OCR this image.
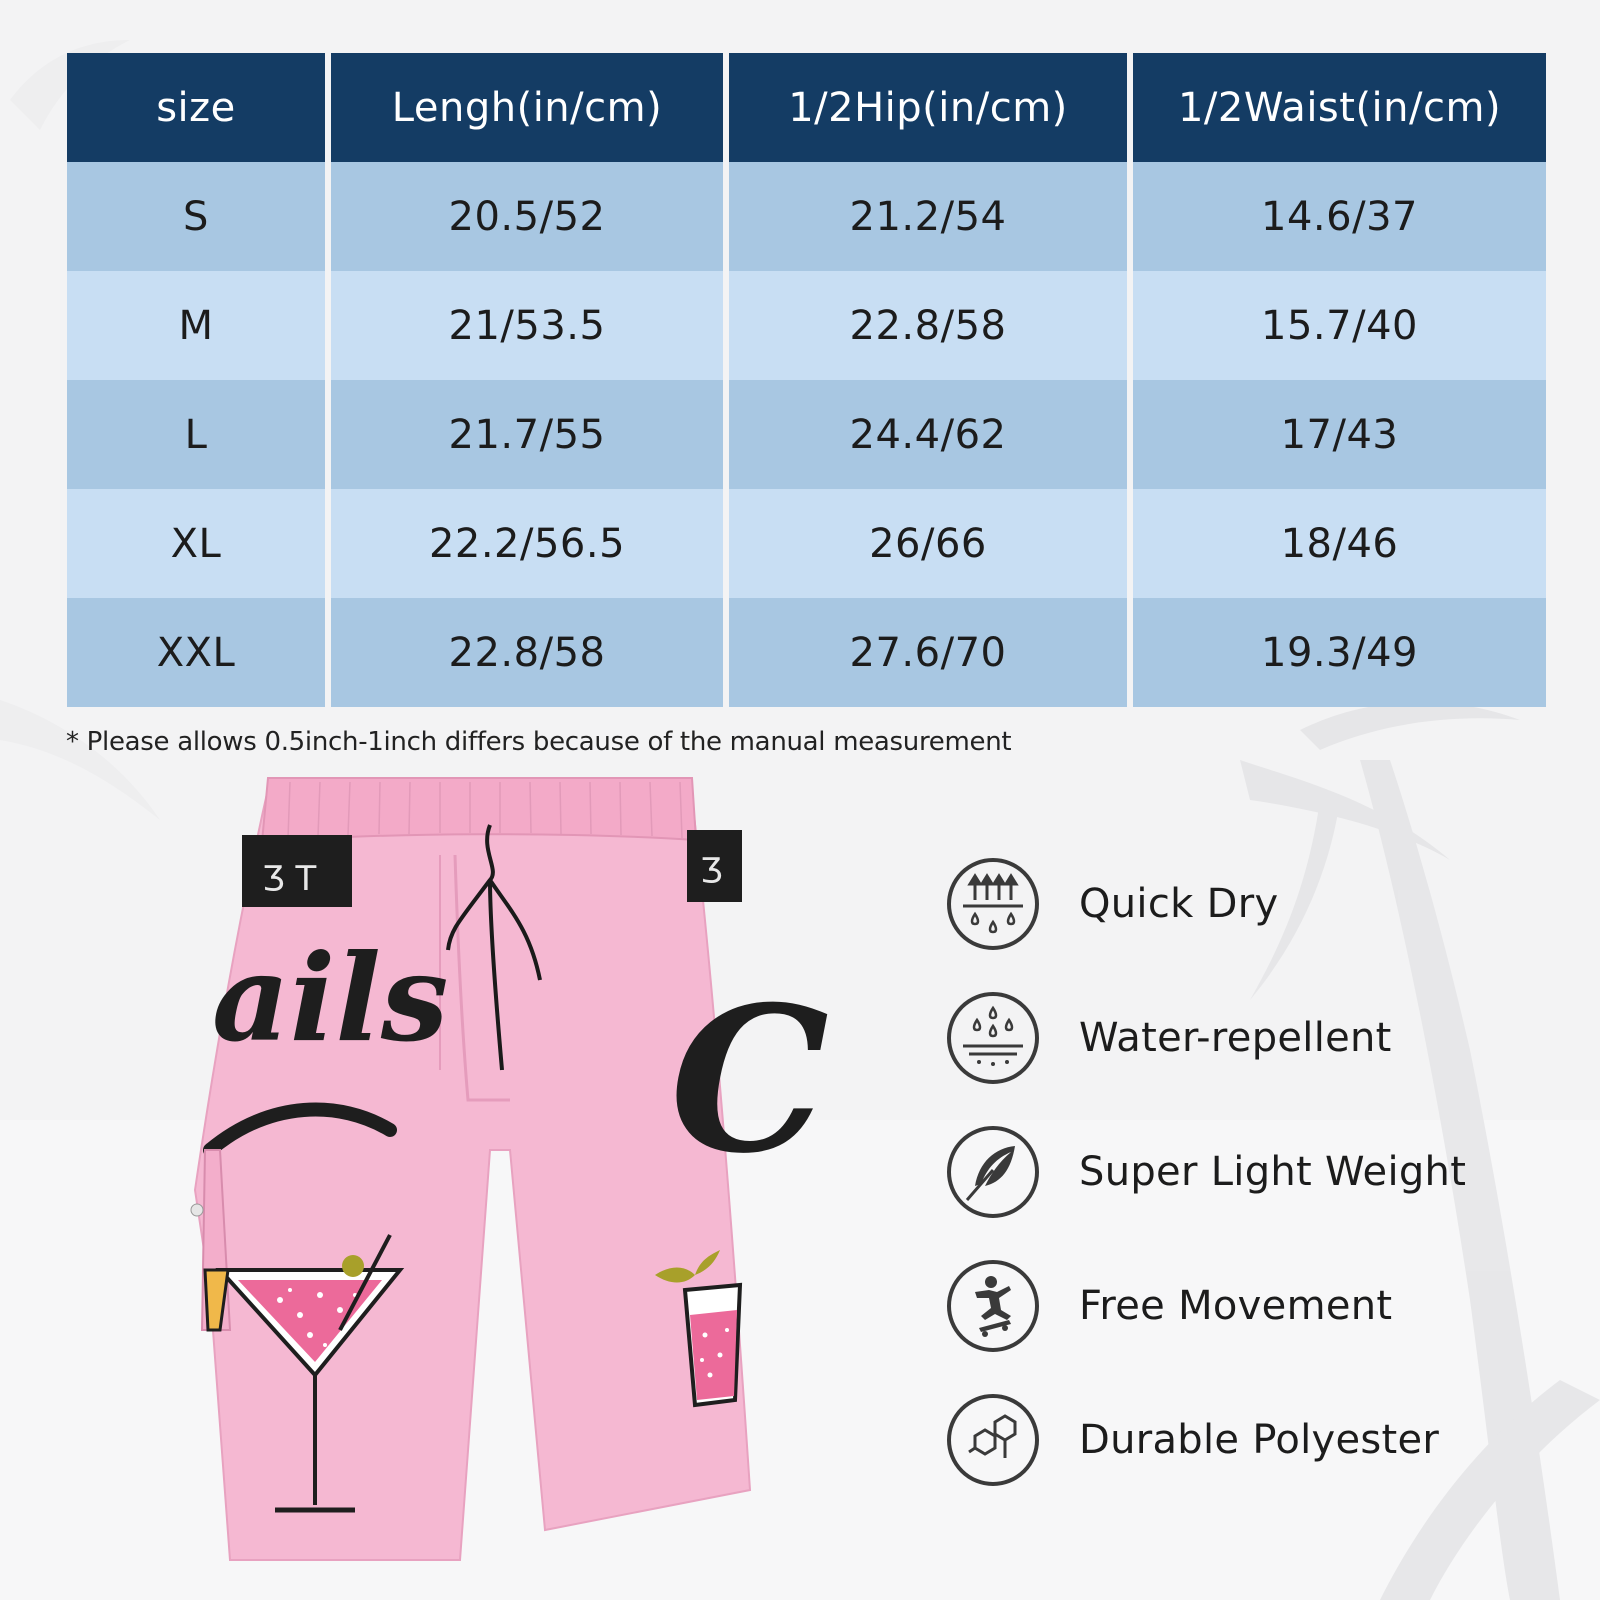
size	Lengh(in/cm)	1/2Hip(in/cm)	1/2Waist(in/cm)
S	20.5/52	21.2/54	14.6/37
M	21/53.5	22.8/58	15.7/40
L	21.7/55	24.4/62	17/43
XL	22.2/56.5	26/66	18/46
XXL	22.8/58	27.6/70	19.3/49
* Please allows 0.5inch-1inch differs because of the manual measurement
Ʒ T	Ʒ
ails C
Quick Dry
Water-repellent
Super Light Weight
Free Movement
Durable Polyester
